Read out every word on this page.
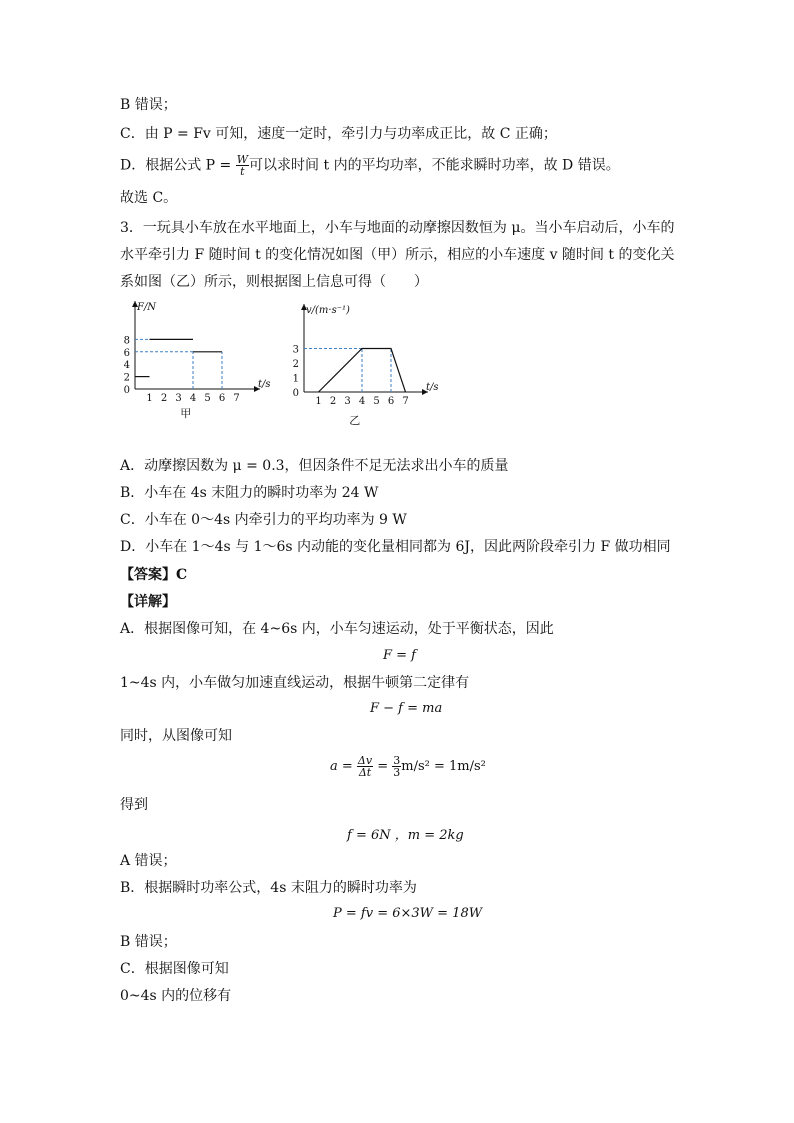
B 错误；
C．由 P = Fv 可知，速度一定时，牵引力与功率成正比，故 C 正确；
D．根据公式 $P = \frac{W}{t}$ 可以求时间 t 内的平均功率，不能求瞬时功率，故 D 错误。
故选 C。
3．一玩具小车放在水平地面上，小车与地面的动摩擦因数恒为 μ。当小车启动后，小车的
水平牵引力 F 随时间 t 的变化情况如图（甲）所示，相应的小车速度 v 随时间 t 的变化关
系如图（乙）所示，则根据图上信息可得（　　）
1 2 3 4 5 6 7
2
4
6
8
0
t/s
F/N
甲
1 2 3 4 5 6 7
1
2
3
0
t/s
v/(m·s⁻¹)
乙
A．动摩擦因数为 μ = 0.3，但因条件不足无法求出小车的质量
B．小车在 4s 末阻力的瞬时功率为 24 W
C．小车在 0～4s 内牵引力的平均功率为 9 W
D．小车在 1～4s 与 1～6s 内动能的变化量相同都为 6J，因此两阶段牵引力 F 做功相同
【答案】C
【详解】
A．根据图像可知，在 4~6s 内，小车匀速运动，处于平衡状态，因此
F = f
1~4s 内，小车做匀加速直线运动，根据牛顿第二定律有
F − f = ma
同时，从图像可知
$a = \frac{\Delta v}{\Delta t} = \frac{3}{3} m/s^2 = 1m/s^2$
得到
f = 6N ，m = 2kg
A 错误；
B．根据瞬时功率公式，4s 末阻力的瞬时功率为
P = fv = 6×3W = 18W
B 错误；
C．根据图像可知
0~4s 内的位移有
